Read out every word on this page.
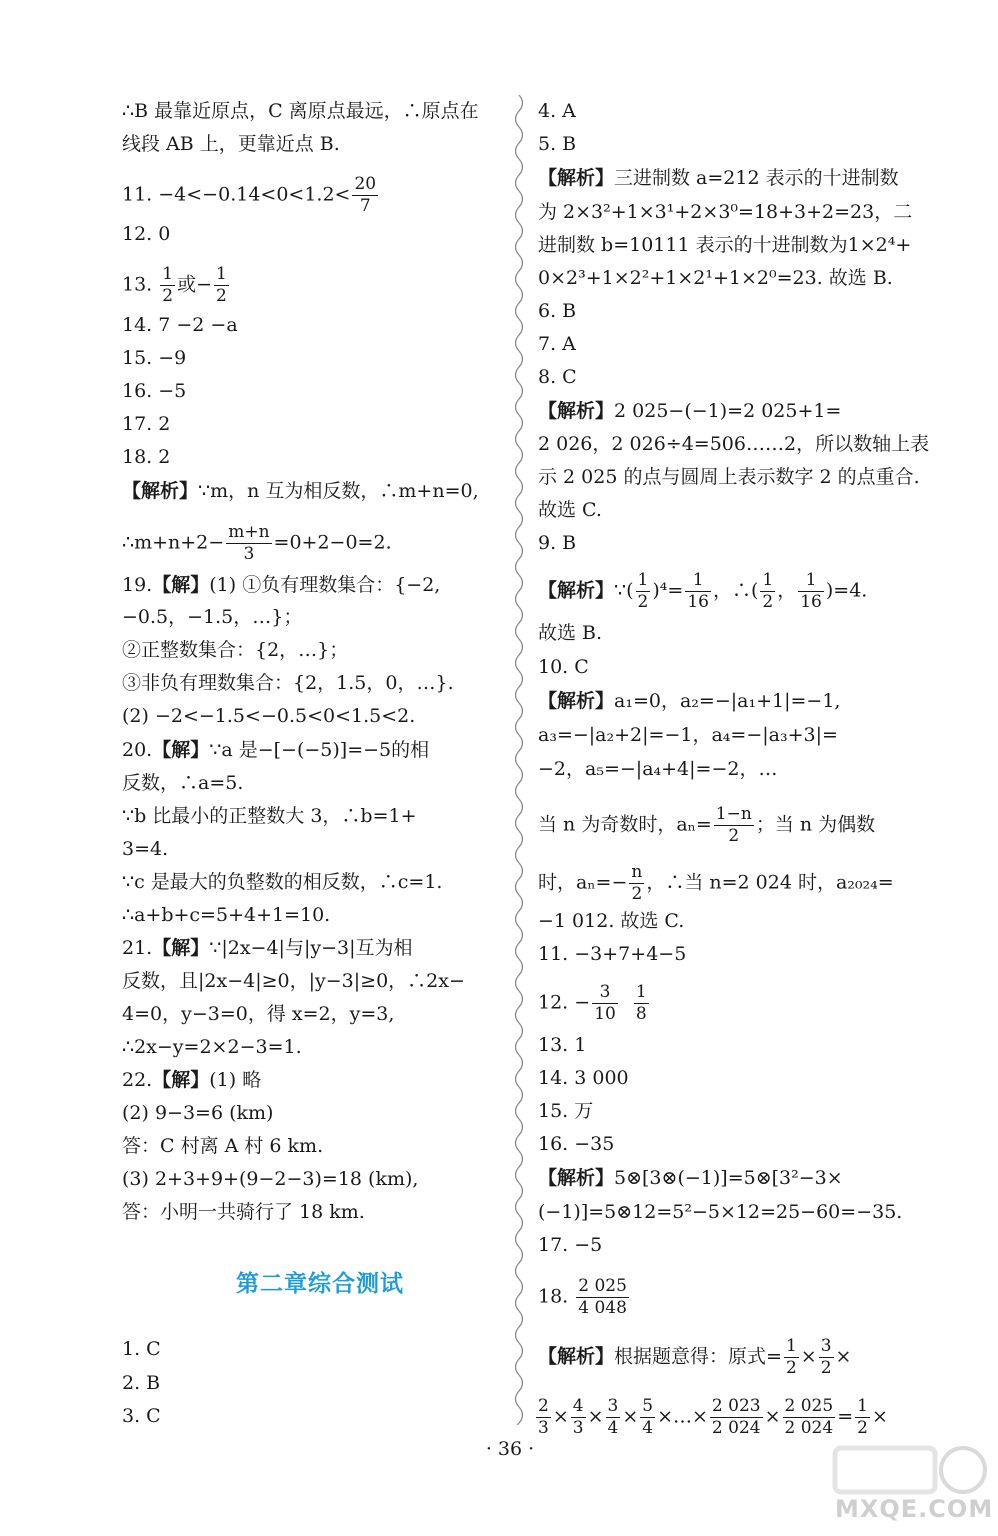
∴B 最靠近原点，C 离原点最远，∴原点在
线段 AB 上，更靠近点 B.
11. $-4<-0.14<0<1.2< \frac{20}{7}$
12. 0
13. $\frac{1}{2}$ 或− $\frac{1}{2}$
14. 7 −2 −a
15. −9
16. −5
17. 2
18. 2
【解析】∵m，n 互为相反数，∴m+n=0,
∴m+n+2− $\frac{m+n}{3} =0+2-0=2$.
19.【解】(1) ①负有理数集合：{−2,
−0.5，−1.5，…}；
②正整数集合：{2，…}；
③非负有理数集合：{2，1.5，0，…}.
(2) −2<−1.5<−0.5<0<1.5<2.
20.【解】∵a 是−[−(−5)]=−5的相
反数，∴a=5.
∵b 比最小的正整数大 3，∴b=1+
3=4.
∵c 是最大的负整数的相反数，∴c=1.
∴a+b+c=5+4+1=10.
21.【解】∵|2x−4|与|y−3|互为相
反数，且|2x−4|≥0，|y−3|≥0，∴2x−
4=0，y−3=0，得 x=2，y=3,
∴2x−y=2×2−3=1.
22.【解】(1) 略
(2) 9−3=6 (km)
答：C 村离 A 村 6 km.
(3) 2+3+9+(9−2−3)=18 (km),
答：小明一共骑行了 18 km.
1. C
2. B
3. C
第二章综合测试
4. A
5. B
【解析】三进制数 a=212 表示的十进制数
为 2×3²+1×3¹+2×3⁰=18+3+2=23，二
进制数 b=10111 表示的十进制数为1×2⁴+
0×2³+1×2²+1×2¹+1×2⁰=23. 故选 B.
6. B
7. A
8. C
【解析】2 025−(−1)=2 025+1=
2 026，2 026÷4=506……2，所以数轴上表
示 2 025 的点与圆周上表示数字 2 的点重合.
故选 C.
9. B
【解析】∵( $\frac{1}{2} )^4= \frac{1}{16}$ ，∴( $\frac{1}{2}$ ， $\frac{1}{16} )=4$.
故选 B.
10. C
【解析】a₁=0，a₂=−|a₁+1|=−1,
a₃=−|a₂+2|=−1，a₄=−|a₃+3|=
−2，a₅=−|a₄+4|=−2，…
当 n 为奇数时，$a_n= \frac{1-n}{2}$ ；当 n 为偶数
时，$a_n=- \frac{n}{2}$ ，∴当 n=2 024 时，a₂₀₂₄=
−1 012. 故选 C.
11. −3+7+4−5
12. − $\frac{3}{10}$
$\frac{1}{8}$
13. 1
14. 3 000
15. 万
16. −35
【解析】5⊗[3⊗(−1)]=5⊗[3²−3×
(−1)]=5⊗12=5²−5×12=25−60=−35.
17. −5
18. $\frac{2 025}{4 048}$
【解析】根据题意得：原式= $\frac{1}{2} \times \frac{3}{2}$ ×
$\frac{2}{3} \times \frac{4}{3} \times \frac{3}{4} \times \frac{5}{4}$ ×…× $\frac{2 023}{2 024} \times \frac{2 025}{2 024} = \frac{1}{2}$ ×
· 36 ·
MXQE.COM
